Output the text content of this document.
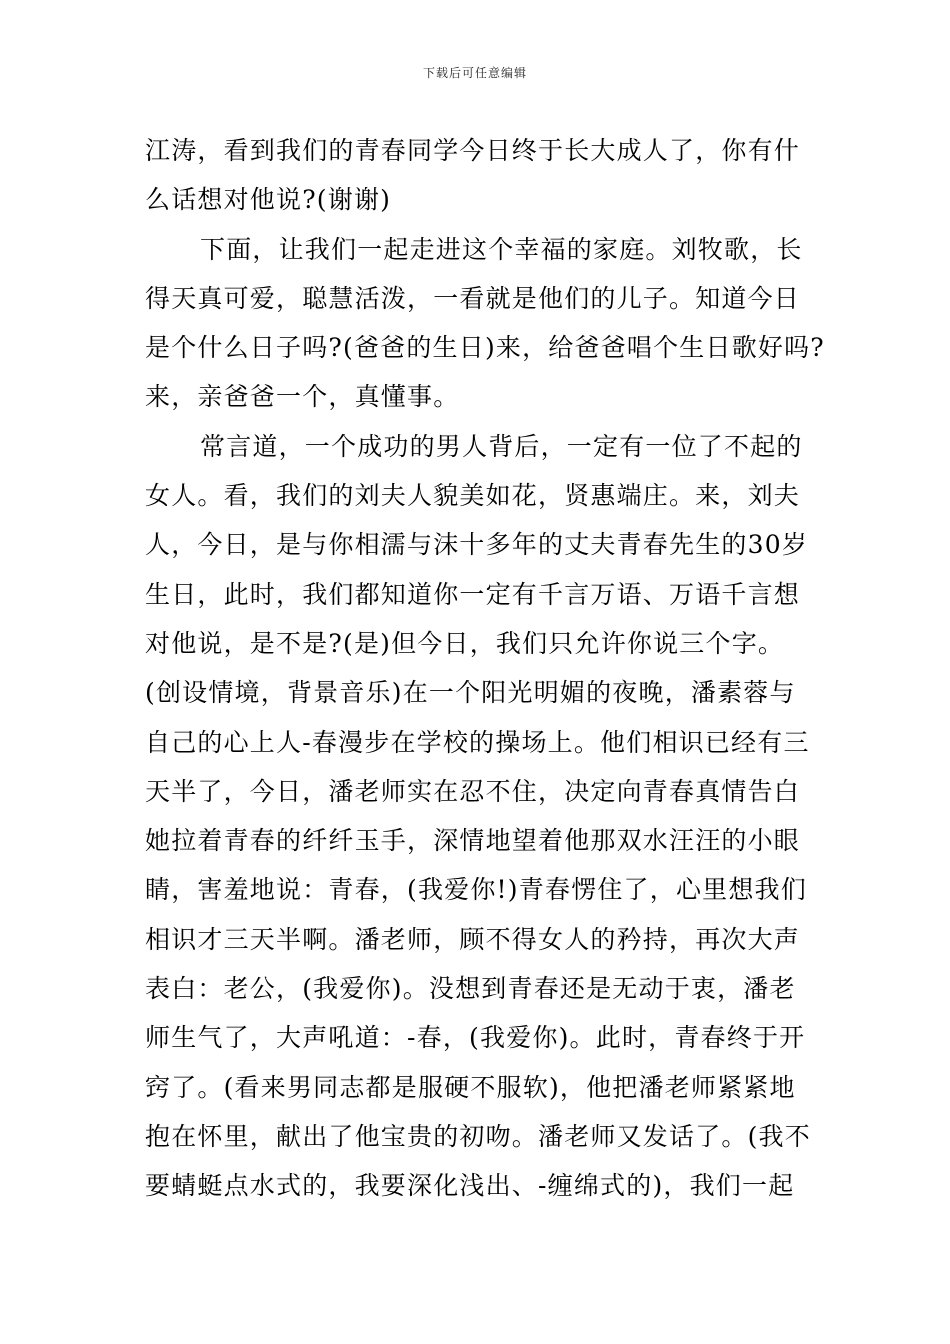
下载后可任意编辑
江涛，看到我们的青春同学今日终于长大成人了，你有什
么话想对他说?(谢谢)
下面，让我们一起走进这个幸福的家庭。刘牧歌，长
得天真可爱，聪慧活泼，一看就是他们的儿子。知道今日
是个什么日子吗?(爸爸的生日)来，给爸爸唱个生日歌好吗?
来，亲爸爸一个，真懂事。
常言道，一个成功的男人背后，一定有一位了不起的
女人。看，我们的刘夫人貌美如花，贤惠端庄。来，刘夫
人，今日，是与你相濡与沫十多年的丈夫青春先生的30岁
生日，此时，我们都知道你一定有千言万语、万语千言想
对他说，是不是?(是)但今日，我们只允许你说三个字。
(创设情境，背景音乐)在一个阳光明媚的夜晚，潘素蓉与
自己的心上人-春漫步在学校的操场上。他们相识已经有三
天半了，今日，潘老师实在忍不住，决定向青春真情告白
她拉着青春的纤纤玉手，深情地望着他那双水汪汪的小眼
睛，害羞地说：青春，(我爱你!)青春愣住了，心里想我们
相识才三天半啊。潘老师，顾不得女人的矜持，再次大声
表白：老公，(我爱你)。没想到青春还是无动于衷，潘老
师生气了，大声吼道：-春，(我爱你)。此时，青春终于开
窍了。(看来男同志都是服硬不服软)，他把潘老师紧紧地
抱在怀里，献出了他宝贵的初吻。潘老师又发话了。(我不
要蜻蜓点水式的，我要深化浅出、-缠绵式的)，我们一起
